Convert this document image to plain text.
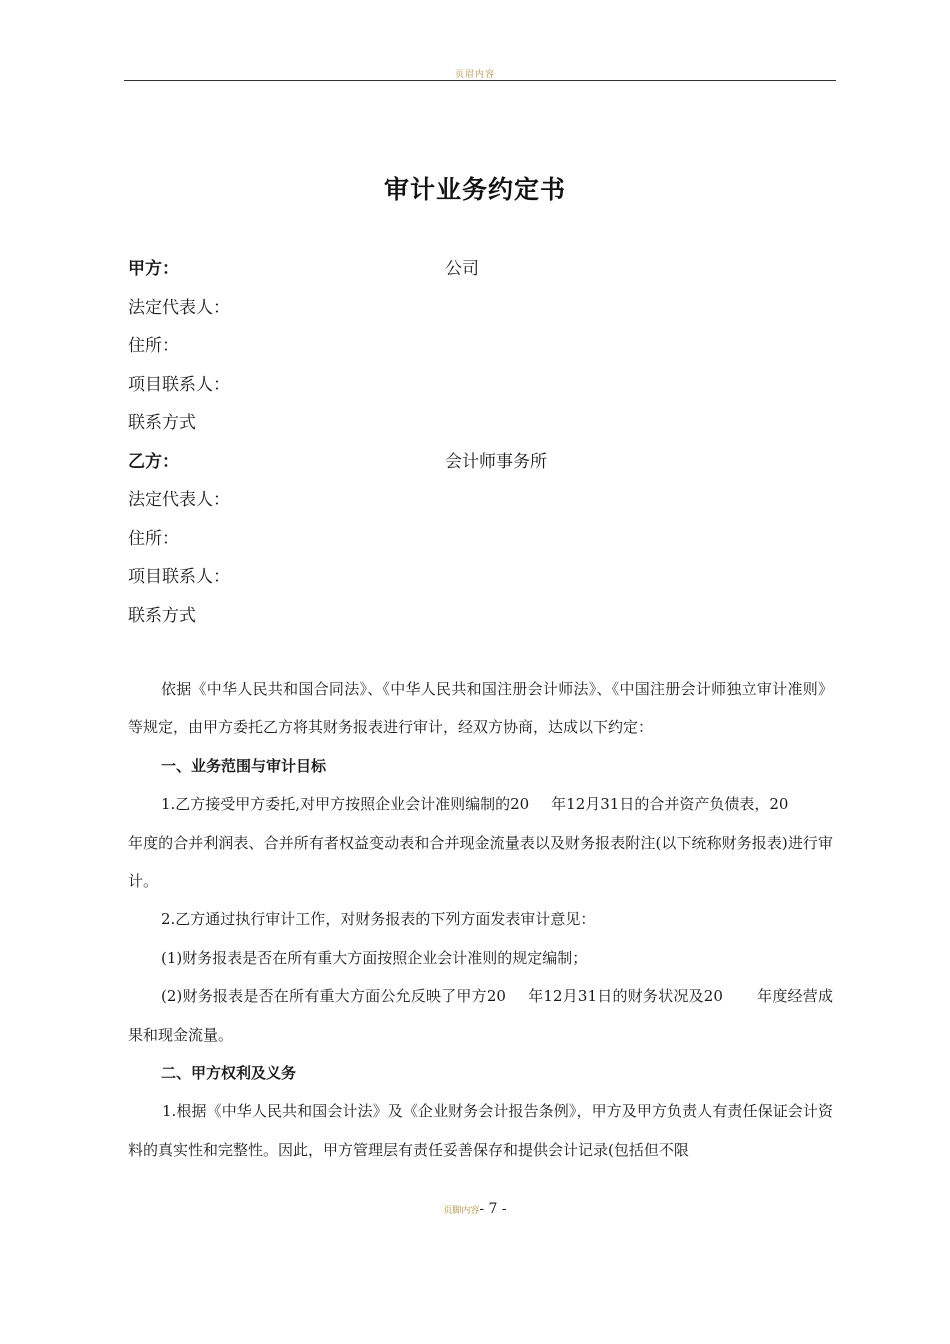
页眉内容
审计业务约定书
甲方：	公司
法定代表人：
住所：
项目联系人：
联系方式
乙方：	会计师事务所
法定代表人：
住所：
项目联系人：
联系方式

依据《中华人民共和国合同法》、《中华人民共和国注册会计师法》、《中国注册会计师独立审计准则》等规定，由甲方委托乙方将其财务报表进行审计，经双方协商，达成以下约定：

一、业务范围与审计目标

1.乙方接受甲方委托,对甲方按照企业会计准则编制的20 年12月31日的合并资产负债表，20
年度的合并利润表、合并所有者权益变动表和合并现金流量表以及财务报表附注(以下统称财务报表)进行审计。

2.乙方通过执行审计工作，对财务报表的下列方面发表审计意见：

(1)财务报表是否在所有重大方面按照企业会计准则的规定编制；

(2)财务报表是否在所有重大方面公允反映了甲方20 年12月31日的财务状况及20 年度经营成果和现金流量。

二、甲方权利及义务

1.根据《中华人民共和国会计法》及《企业财务会计报告条例》，甲方及甲方负责人有责任保证会计资料的真实性和完整性。因此，甲方管理层有责任妥善保存和提供会计记录(包括但不限

页脚内容- 7 -
